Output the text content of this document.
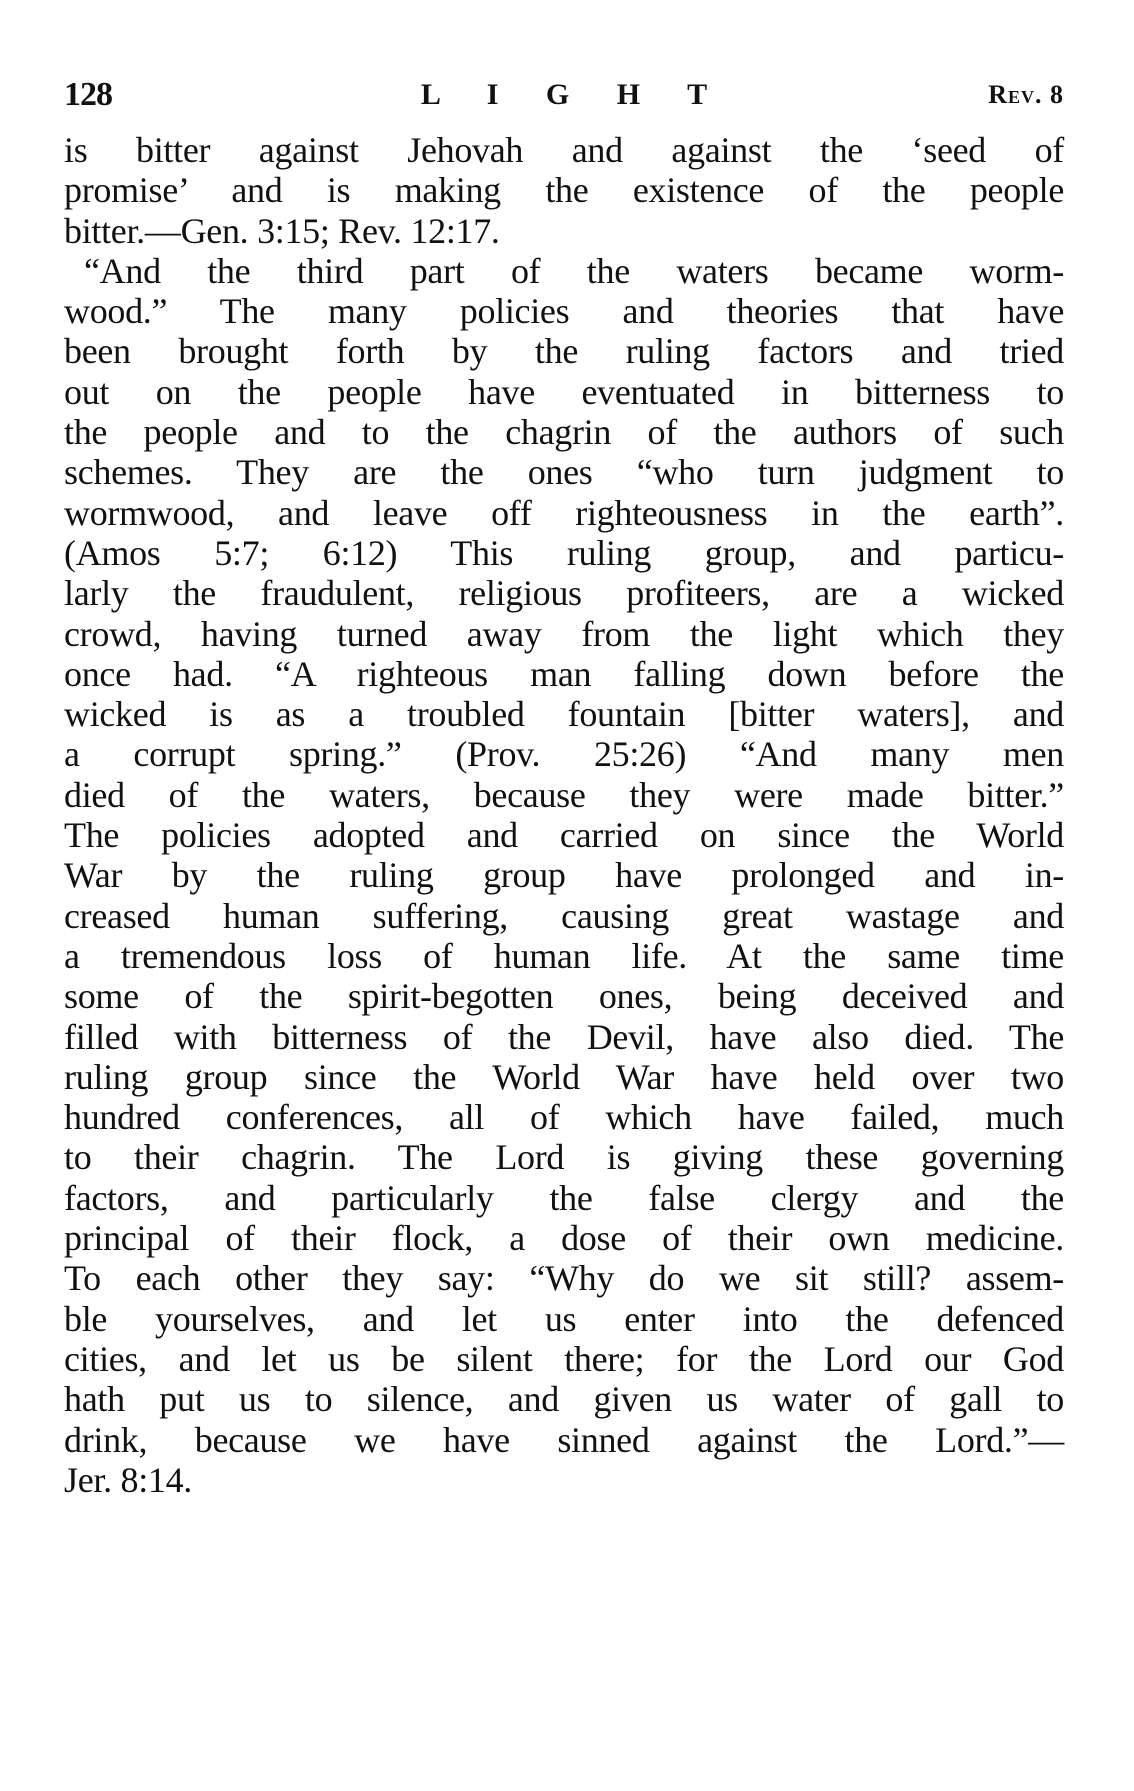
128	L I G H T	Rev. 8
is bitter against Jehovah and against the ‘seed of
promise’ and is making the existence of the people
bitter.—Gen. 3:15; Rev. 12:17.
“And the third part of the waters became worm-
wood.” The many policies and theories that have
been brought forth by the ruling factors and tried
out on the people have eventuated in bitterness to
the people and to the chagrin of the authors of such
schemes. They are the ones “who turn judgment to
wormwood, and leave off righteousness in the earth”.
(Amos 5:7; 6:12) This ruling group, and particu-
larly the fraudulent, religious profiteers, are a wicked
crowd, having turned away from the light which they
once had. “A righteous man falling down before the
wicked is as a troubled fountain [bitter waters], and
a corrupt spring.” (Prov. 25:26) “And many men
died of the waters, because they were made bitter.”
The policies adopted and carried on since the World
War by the ruling group have prolonged and in-
creased human suffering, causing great wastage and
a tremendous loss of human life. At the same time
some of the spirit-begotten ones, being deceived and
filled with bitterness of the Devil, have also died. The
ruling group since the World War have held over two
hundred conferences, all of which have failed, much
to their chagrin. The Lord is giving these governing
factors, and particularly the false clergy and the
principal of their flock, a dose of their own medicine.
To each other they say: “Why do we sit still? assem-
ble yourselves, and let us enter into the defenced
cities, and let us be silent there; for the Lord our God
hath put us to silence, and given us water of gall to
drink, because we have sinned against the Lord.”—
Jer. 8:14.
